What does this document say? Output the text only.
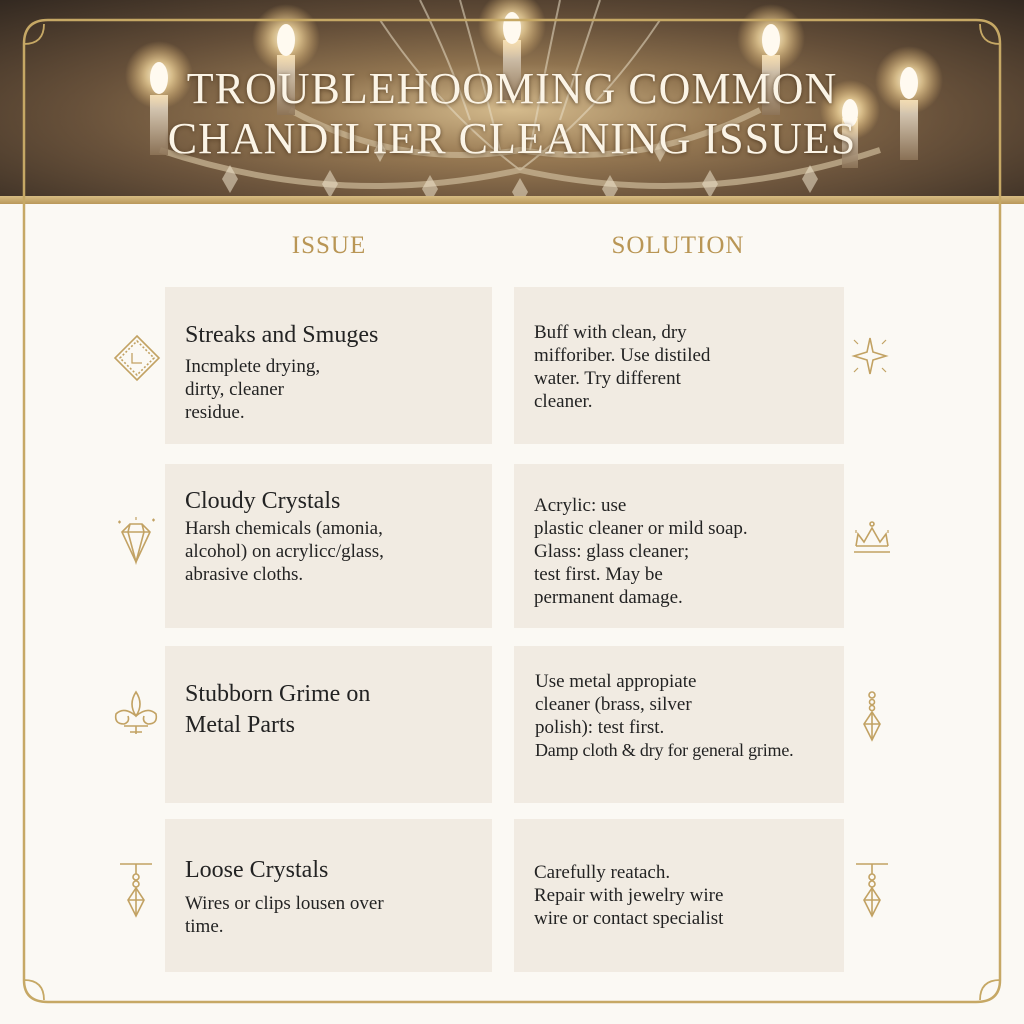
TROUBLEHOOMING COMMON
CHANDILIER CLEANING ISSUES
ISSUE	SOLUTION
Streaks and Smuges
Incmplete drying,
dirty, cleaner
residue.
Buff with clean, dry
mifforiber. Use distiled
water. Try different
cleaner.
Cloudy Crystals
Harsh chemicals (amonia,
alcohol) on acrylicc/glass,
abrasive cloths.
Acrylic: use
plastic cleaner or mild soap.
Glass: glass cleaner;
test first. May be
permanent damage.
Stubborn Grime on
Metal Parts
Use metal appropiate
cleaner (brass, silver
polish): test first.
Damp cloth & dry for general grime.
Loose Crystals
Wires or clips lousen over
time.
Carefully reatach.
Repair with jewelry wire
wire or contact specialist
